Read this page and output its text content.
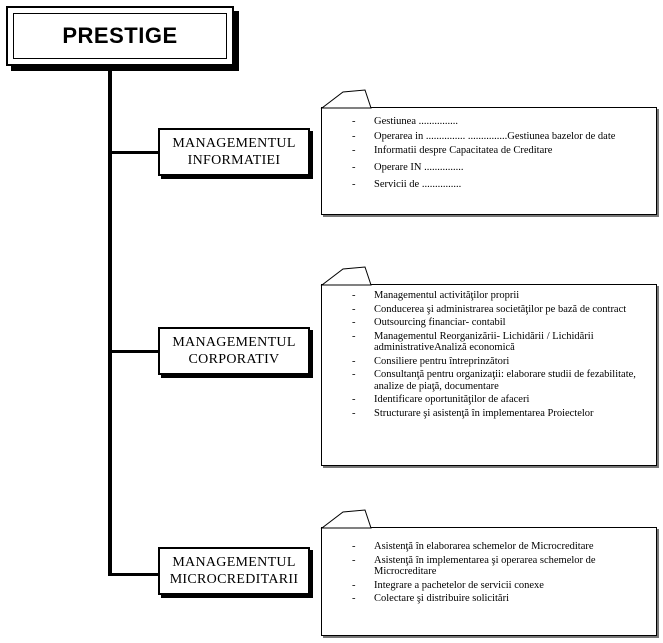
PRESTIGE
MANAGEMENTUL
INFORMATIEI
- Gestiunea ...............
- Operarea in ............... ...............Gestiunea bazelor de date
- Informatii despre Capacitatea de Creditare
- Operare IN ...............
- Servicii de ...............
MANAGEMENTUL
CORPORATIV
- Managementul activităţilor proprii
- Conducerea şi administrarea societăţilor pe bază de contract
- Outsourcing financiar- contabil
- Managementul Reorganizării- Lichidării / Lichidării administrativeAnaliză economică
- Consiliere pentru întreprinzători
- Consultanţă pentru organizaţii: elaborare studii de fezabilitate, analize de piaţă, documentare
- Identificare oportunităţilor de afaceri
- Structurare şi asistenţă în implementarea Proiectelor
MANAGEMENTUL
MICROCREDITARII
- Asistenţă în elaborarea schemelor de Microcreditare
- Asistenţă în implementarea şi operarea schemelor de Microcreditare
- Integrare a pachetelor de servicii conexe
- Colectare şi distribuire solicitări
